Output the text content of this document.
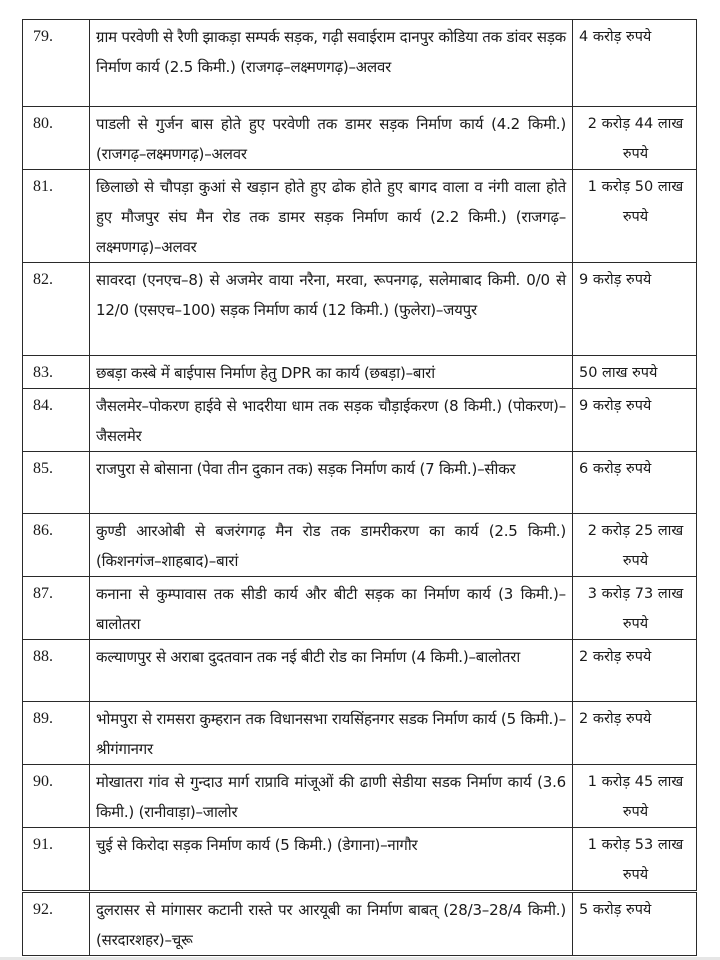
79.	ग्राम परवेणी से रैणी झाकड़ा सम्पर्क सड़क, गढ़ी सवाईराम दानपुर कोडिया तक डांवर सड़क निर्माण कार्य (2.5 किमी.) (राजगढ़–लक्ष्मणगढ़)–अलवर	4 करोड़ रुपये
80.	पाडली से गुर्जन बास होते हुए परवेणी तक डामर सड़क निर्माण कार्य (4.2 किमी.) (राजगढ़–लक्ष्मणगढ़)–अलवर	2 करोड़ 44 लाख रुपये
81.	छिलाछो से चौपड़ा कुआं से खड़ान होते हुए ढोक होते हुए बागद वाला व नंगी वाला होते हुए मौजपुर संघ मैन रोड तक डामर सड़क निर्माण कार्य (2.2 किमी.) (राजगढ़–लक्ष्मणगढ़)–अलवर	1 करोड़ 50 लाख रुपये
82.	सावरदा (एनएच–8) से अजमेर वाया नरैना, मरवा, रूपनगढ़, सलेमाबाद किमी. 0/0 से 12/0 (एसएच–100) सड़क निर्माण कार्य (12 किमी.) (फुलेरा)–जयपुर	9 करोड़ रुपये
83.	छबड़ा कस्बे में बाईपास निर्माण हेतु DPR का कार्य (छबड़ा)–बारां	50 लाख रुपये
84.	जैसलमेर–पोकरण हाईवे से भादरीया धाम तक सड़क चौड़ाईकरण (8 किमी.) (पोकरण)–जैसलमेर	9 करोड़ रुपये
85.	राजपुरा से बोसाना (पेवा तीन दुकान तक) सड़क निर्माण कार्य (7 किमी.)–सीकर	6 करोड़ रुपये
86.	कुण्डी आरओबी से बजरंगगढ़ मैन रोड तक डामरीकरण का कार्य (2.5 किमी.) (किशनगंज–शाहबाद)–बारां	2 करोड़ 25 लाख रुपये
87.	कनाना से कुम्पावास तक सीडी कार्य और बीटी सड़क का निर्माण कार्य (3 किमी.)–बालोतरा	3 करोड़ 73 लाख रुपये
88.	कल्याणपुर से अराबा दुदतवान तक नई बीटी रोड का निर्माण (4 किमी.)–बालोतरा	2 करोड़ रुपये
89.	भोमपुरा से रामसरा कुम्हरान तक विधानसभा रायसिंहनगर सडक निर्माण कार्य (5 किमी.)–श्रीगंगानगर	2 करोड़ रुपये
90.	मोखातरा गांव से गुन्दाउ मार्ग राप्रावि मांजूओं की ढाणी सेडीया सडक निर्माण कार्य (3.6 किमी.) (रानीवाड़ा)–जालोर	1 करोड़ 45 लाख रुपये
91.	चुई से किरोदा सड़क निर्माण कार्य (5 किमी.) (डेगाना)–नागौर	1 करोड़ 53 लाख रुपये
92.	दुलरासर से मांगासर कटानी रास्ते पर आरयूबी का निर्माण बाबत् (28/3–28/4 किमी.) (सरदारशहर)–चूरू	5 करोड़ रुपये
